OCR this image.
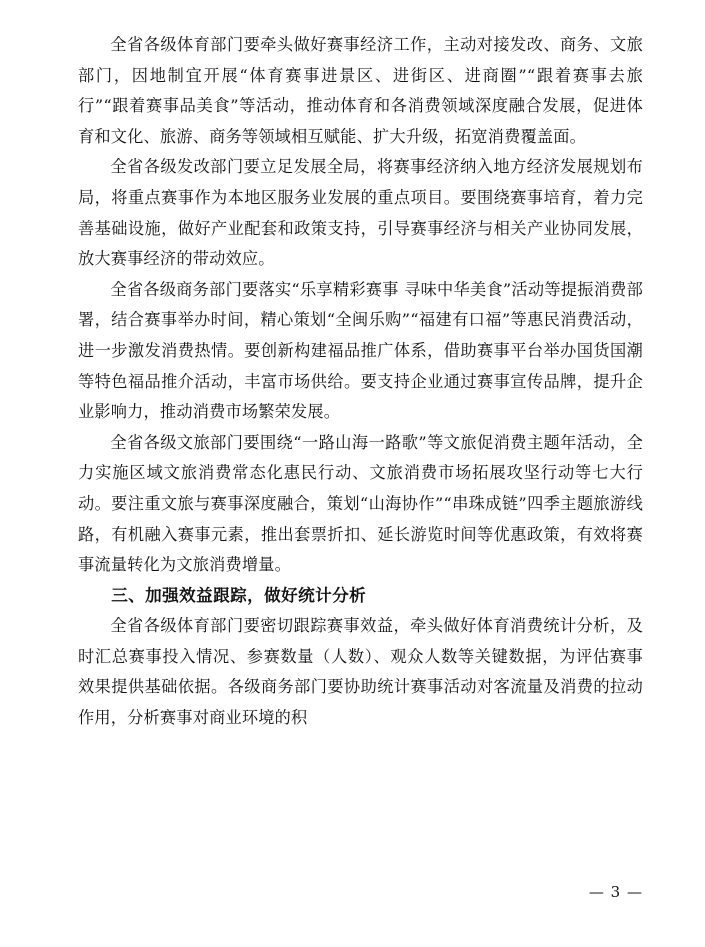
全省各级体育部门要牵头做好赛事经济工作，主动对接发改、商务、文旅部门，因地制宜开展“体育赛事进景区、进街区、进商圈”“跟着赛事去旅行”“跟着赛事品美食”等活动，推动体育和各消费领域深度融合发展，促进体育和文化、旅游、商务等领域相互赋能、扩大升级，拓宽消费覆盖面。

全省各级发改部门要立足发展全局，将赛事经济纳入地方经济发展规划布局，将重点赛事作为本地区服务业发展的重点项目。要围绕赛事培育，着力完善基础设施，做好产业配套和政策支持，引导赛事经济与相关产业协同发展，放大赛事经济的带动效应。

全省各级商务部门要落实“乐享精彩赛事 寻味中华美食”活动等提振消费部署，结合赛事举办时间，精心策划“全闽乐购”“福建有口福”等惠民消费活动，进一步激发消费热情。要创新构建福品推广体系，借助赛事平台举办国货国潮等特色福品推介活动，丰富市场供给。要支持企业通过赛事宣传品牌，提升企业影响力，推动消费市场繁荣发展。

全省各级文旅部门要围绕“一路山海一路歌”等文旅促消费主题年活动，全力实施区域文旅消费常态化惠民行动、文旅消费市场拓展攻坚行动等七大行动。要注重文旅与赛事深度融合，策划“山海协作”“串珠成链”四季主题旅游线路，有机融入赛事元素，推出套票折扣、延长游览时间等优惠政策，有效将赛事流量转化为文旅消费增量。

三、加强效益跟踪，做好统计分析

全省各级体育部门要密切跟踪赛事效益，牵头做好体育消费统计分析，及时汇总赛事投入情况、参赛数量（人数）、观众人数等关键数据，为评估赛事效果提供基础依据。各级商务部门要协助统计赛事活动对客流量及消费的拉动作用，分析赛事对商业环境的积

— 3 —
